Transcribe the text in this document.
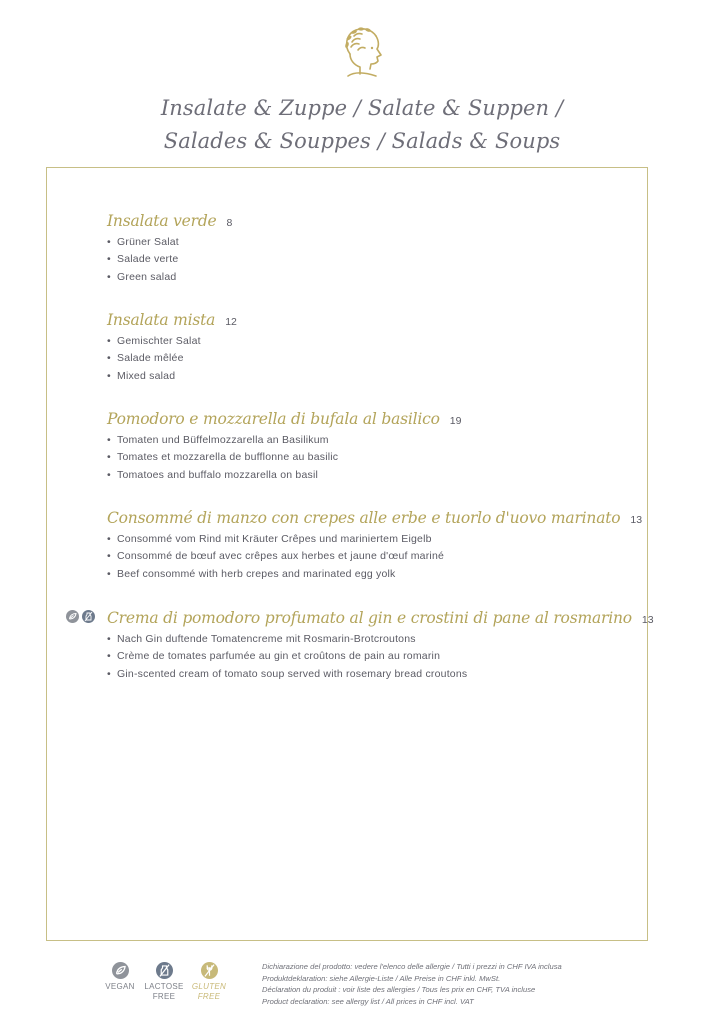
Insalate & Zuppe / Salate & Suppen /
Salades & Souppes / Salads & Soups
Insalata verde 8
• Grüner Salat
• Salade verte
• Green salad
Insalata mista 12
• Gemischter Salat
• Salade mêlée
• Mixed salad
Pomodoro e mozzarella di bufala al basilico 19
• Tomaten und Büffelmozzarella an Basilikum
• Tomates et mozzarella de bufflonne au basilic
• Tomatoes and buffalo mozzarella on basil
Consommé di manzo con crepes alle erbe e tuorlo d'uovo marinato 13
• Consommé vom Rind mit Kräuter Crêpes und mariniertem Eigelb
• Consommé de bœuf avec crêpes aux herbes et jaune d'œuf mariné
• Beef consommé with herb crepes and marinated egg yolk
Crema di pomodoro profumato al gin e crostini di pane al rosmarino 13
• Nach Gin duftende Tomatencreme mit Rosmarin-Brotcroutons
• Crème de tomates parfumée au gin et croûtons de pain au romarin
• Gin-scented cream of tomato soup served with rosemary bread croutons
VEGAN LACTOSE
FREE
GLUTEN
FREE
Dichiarazione del prodotto: vedere l'elenco delle allergie / Tutti i prezzi in CHF IVA inclusa
Produktdeklaration: siehe Allergie-Liste / Alle Preise in CHF inkl. MwSt.
Déclaration du produit : voir liste des allergies / Tous les prix en CHF, TVA incluse
Product declaration: see allergy list / All prices in CHF incl. VAT
